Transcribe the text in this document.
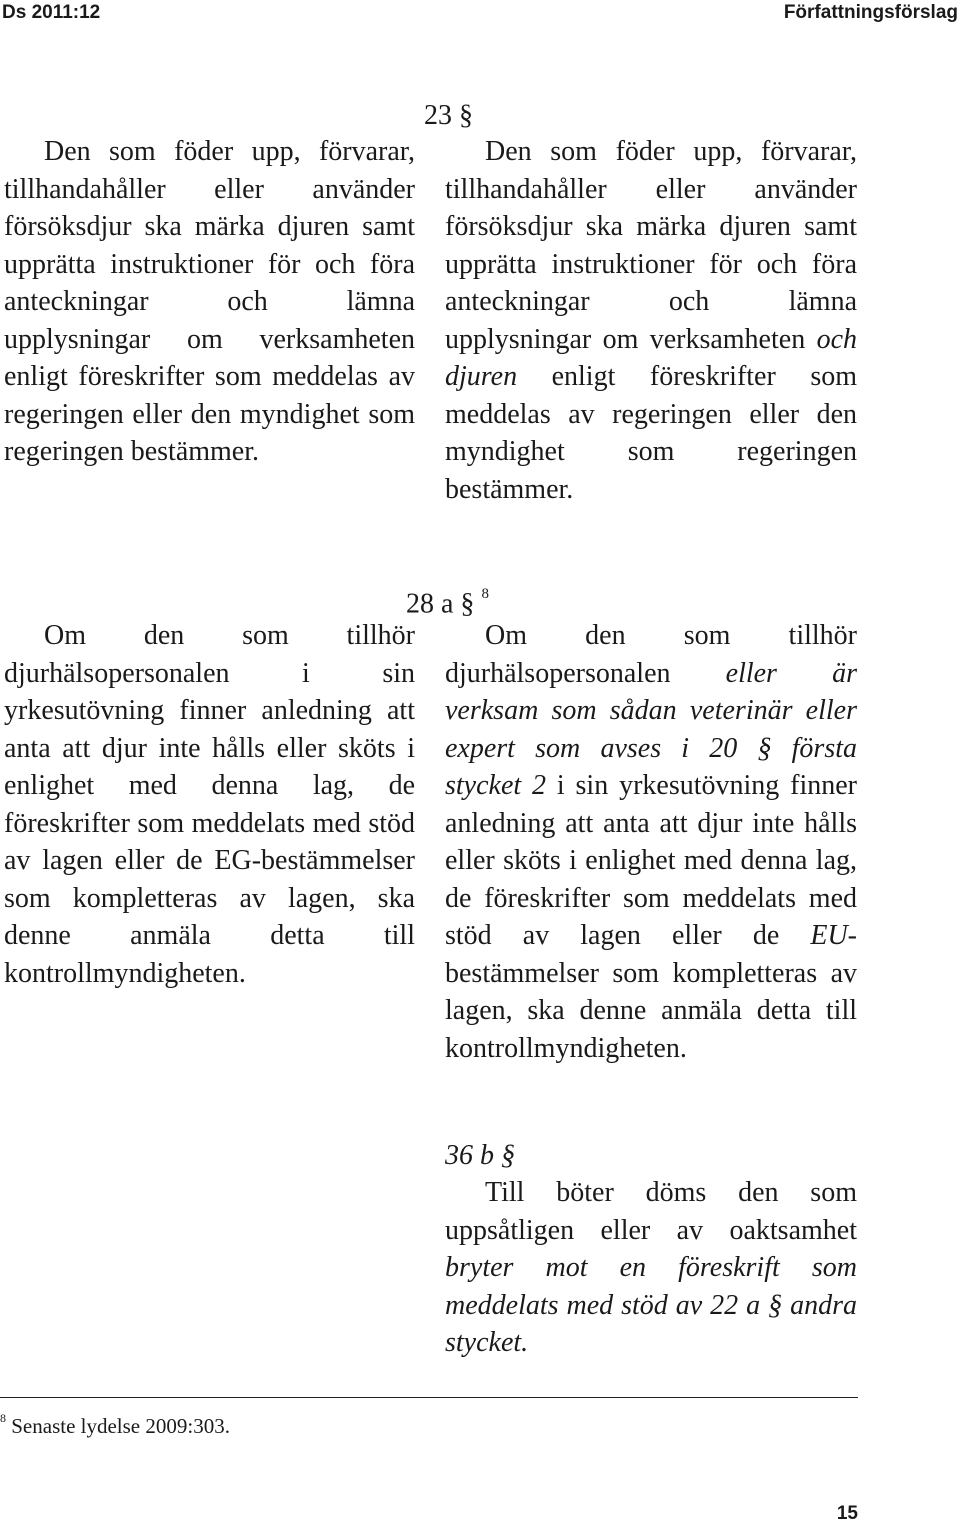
Ds 2011:12	Författningsförslag
23 §

Den som föder upp, förvarar, tillhandahåller eller använder försöksdjur ska märka djuren samt upprätta instruktioner för och föra anteckningar och lämna upplysningar om verksamheten enligt föreskrifter som meddelas av regeringen eller den myndighet som regeringen bestämmer.

Den som föder upp, förvarar, tillhandahåller eller använder försöksdjur ska märka djuren samt upprätta instruktioner för och föra anteckningar och lämna upplysningar om verksamheten och djuren enligt föreskrifter som meddelas av regeringen eller den myndighet som regeringen bestämmer.

28 a § $^8$

Om den som tillhör djurhälsopersonalen i sin yrkesutövning finner anledning att anta att djur inte hålls eller sköts i enlighet med denna lag, de föreskrifter som meddelats med stöd av lagen eller de EG-bestämmelser som kompletteras av lagen, ska denne anmäla detta till kontrollmyndigheten.

Om den som tillhör djurhälsopersonalen eller är verksam som sådan veterinär eller expert som avses i 20 § första stycket 2 i sin yrkesutövning finner anledning att anta att djur inte hålls eller sköts i enlighet med denna lag, de föreskrifter som meddelats med stöd av lagen eller de EU-bestämmelser som kompletteras av lagen, ska denne anmäla detta till kontrollmyndigheten.

36 b §

Till böter döms den som uppsåtligen eller av oaktsamhet bryter mot en föreskrift som meddelats med stöd av 22 a § andra stycket.

$^8$ Senaste lydelse 2009:303.
15
